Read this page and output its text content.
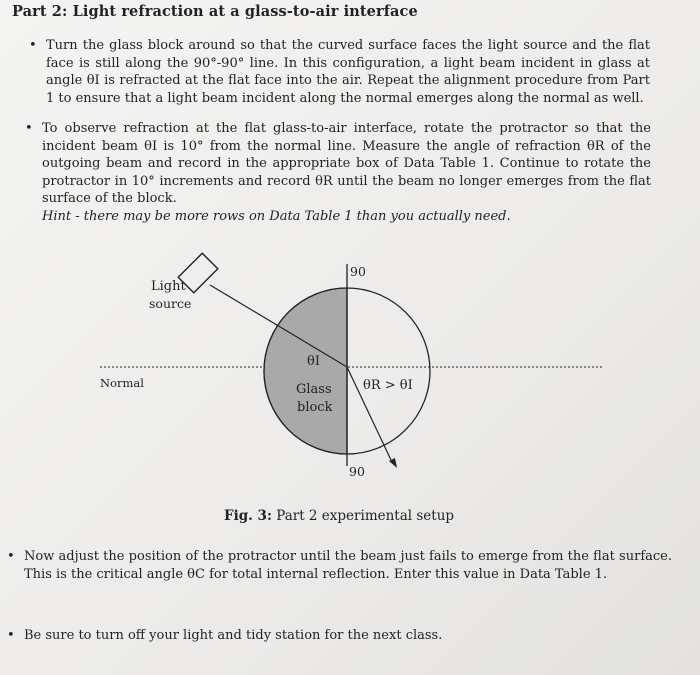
Part 2: Light refraction at a glass-to-air interface
• Turn the glass block around so that the curved surface faces the light source and the flat face is still along the 90°-90° line. In this configuration, a light beam incident in glass at angle θI is refracted at the flat face into the air. Repeat the alignment procedure from Part 1 to ensure that a light beam incident along the normal emerges along the normal as well.
• To observe refraction at the flat glass-to-air interface, rotate the protractor so that the incident beam θI is 10° from the normal line. Measure the angle of refraction θR of the outgoing beam and record in the appropriate box of Data Table 1. Continue to rotate the protractor in 10° increments and record θR until the beam no longer emerges from the flat surface of the block.
Hint - there may be more rows on Data Table 1 than you actually need.
Light
source
Normal	Glass
block
θI
θR > θI
90
90
Fig. 3: Part 2 experimental setup
• Now adjust the position of the protractor until the beam just fails to emerge from the flat surface. This is the critical angle θC for total internal reflection. Enter this value in Data Table 1.
• Be sure to turn off your light and tidy station for the next class.
